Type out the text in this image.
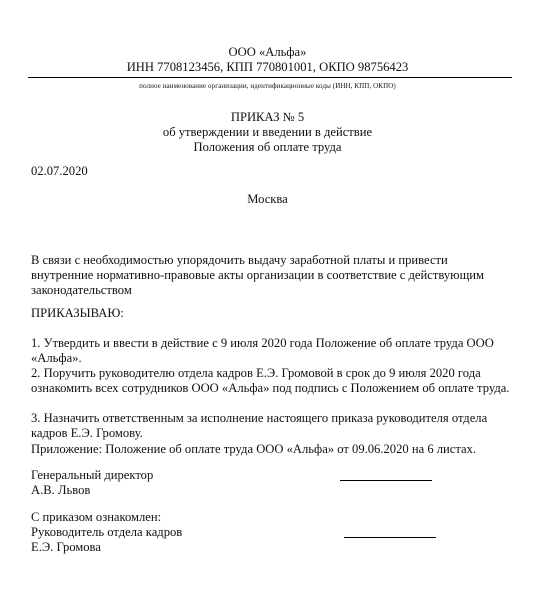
ООО «Альфа»
ИНН 7708123456, КПП 770801001, ОКПО 98756423
полное наименование организации, идентификационные коды (ИНН, КПП, ОКПО)
ПРИКАЗ № 5
об утверждении и введении в действие
Положения об оплате труда
02.07.2020
Москва
В связи с необходимостью упорядочить выдачу заработной платы и привести внутренние нормативно-правовые акты организации в соответствие с действующим законодательством
ПРИКАЗЫВАЮ:
1. Утвердить и ввести в действие с 9 июля 2020 года Положение об оплате труда ООО «Альфа».
2. Поручить руководителю отдела кадров Е.Э. Громовой в срок до 9 июля 2020 года ознакомить всех сотрудников ООО «Альфа» под подпись с Положением об оплате труда.
3. Назначить ответственным за исполнение настоящего приказа руководителя отдела кадров Е.Э. Громову.
Приложение: Положение об оплате труда ООО «Альфа» от 09.06.2020 на 6 листах.
Генеральный директор
А.В. Львов
С приказом ознакомлен:
Руководитель отдела кадров
Е.Э. Громова
